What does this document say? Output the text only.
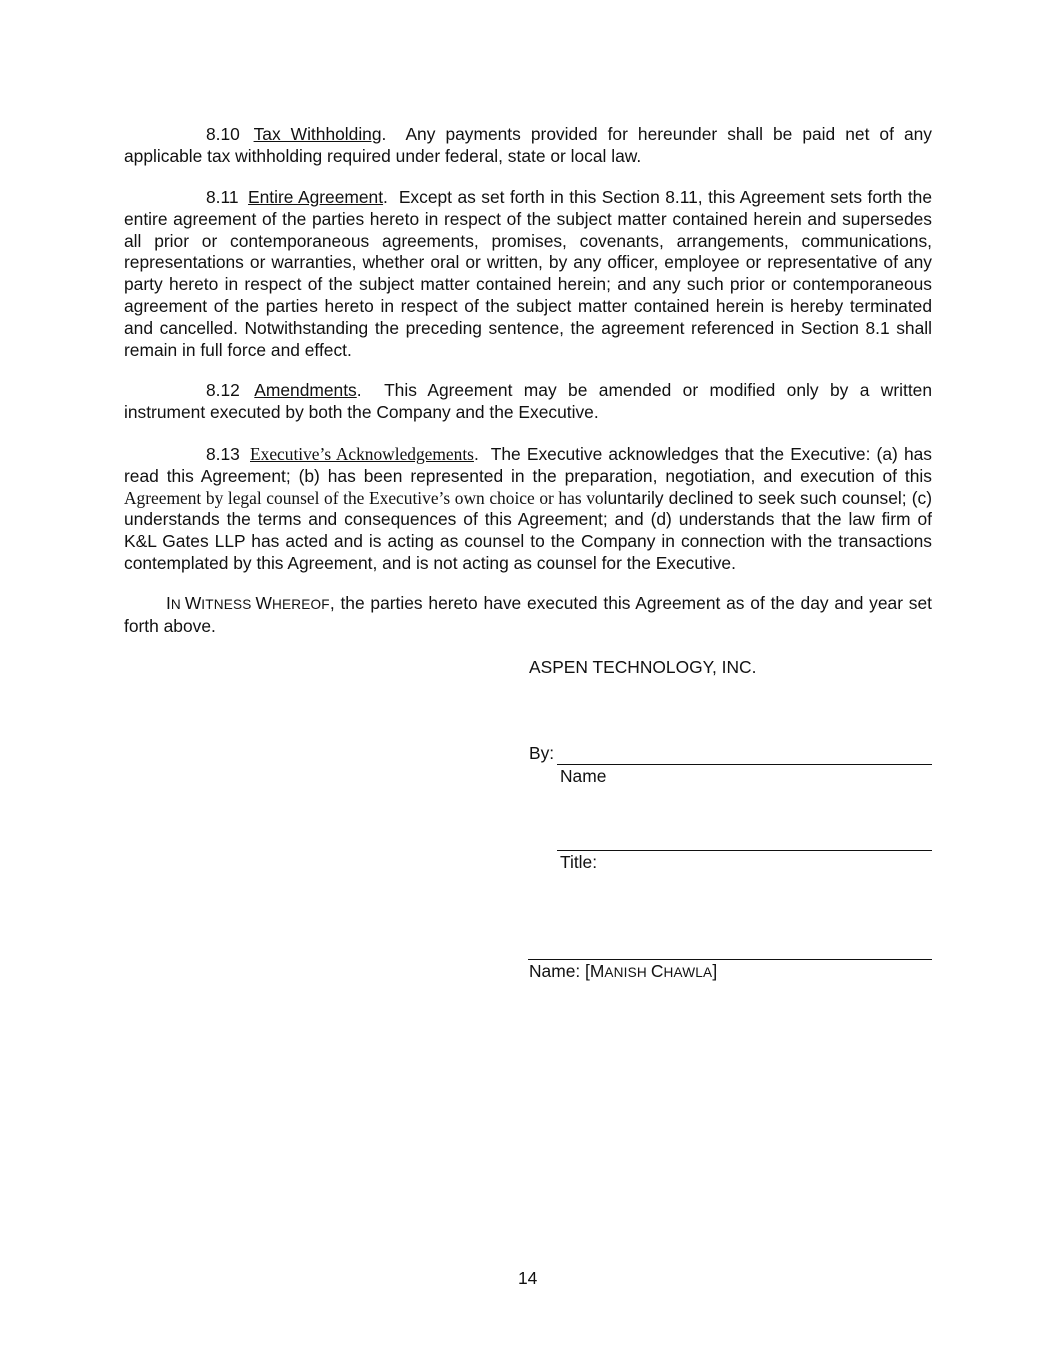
8.10 Tax Withholding.  Any payments provided for hereunder shall be paid net of any applicable tax withholding required under federal, state or local law.

8.11 Entire Agreement.  Except as set forth in this Section 8.11, this Agreement sets forth the entire agreement of the parties hereto in respect of the subject matter contained herein and supersedes all prior or contemporaneous agreements, promises, covenants, arrangements, communications, representations or warranties, whether oral or written, by any officer, employee or representative of any party hereto in respect of the subject matter contained herein; and any such prior or contemporaneous agreement of the parties hereto in respect of the subject matter contained herein is hereby terminated and cancelled. Notwithstanding the preceding sentence, the agreement referenced in Section 8.1 shall remain in full force and effect.

8.12 Amendments.  This Agreement may be amended or modified only by a written instrument executed by both the Company and the Executive.

8.13 Executive’s Acknowledgements.  The Executive acknowledges that the Executive: (a) has read this Agreement; (b) has been represented in the preparation, negotiation, and execution of this Agreement by legal counsel of the Executive’s own choice or has voluntarily declined to seek such counsel; (c) understands the terms and consequences of this Agreement; and (d) understands that the law firm of K&L Gates LLP has acted and is acting as counsel to the Company in connection with the transactions contemplated by this Agreement, and is not acting as counsel for the Executive.

IN WITNESS WHEREOF, the parties hereto have executed this Agreement as of the day and year set forth above.

ASPEN TECHNOLOGY, INC.

By:

Name

Title:

Name: [MANISH CHAWLA]

14
